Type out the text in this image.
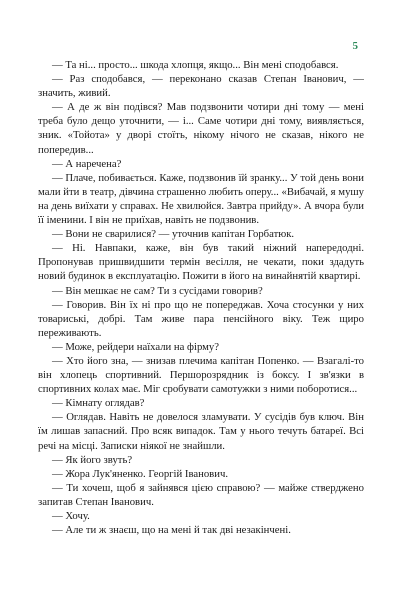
5

— Та ні... просто... шкода хлопця, якщо... Він мені сподобався.

— Раз сподобався, — переконано сказав Степан Іванович, — значить, живий.

— А де ж він подівся? Мав подзвонити чотири дні тому — мені треба було дещо уточнити, — і... Саме чотири дні тому, виявляється, зник. «Тойота» у дворі стоїть, нікому нічого не сказав, нікого не попередив...

— А наречена?

— Плаче, побивається. Каже, подзвонив їй зранку... У той день вони мали йти в театр, дівчина страшенно любить оперу... «Вибачай, я мушу на день виїхати у справах. Не хвилюйся. Завтра прийду». А вчора були її іменини. І він не приїхав, навіть не подзвонив.

— Вони не сварилися? — уточнив капітан Горбатюк.

— Ні. Навпаки, каже, він був такий ніжний напередодні. Пропонував пришвидшити термін весілля, не чекати, поки здадуть новий будинок в експлуатацію. Пожити в його на винайнятій квартирі.

— Він мешкає не сам? Ти з сусідами говорив?

— Говорив. Він їх ні про що не попереджав. Хоча стосунки у них товариські, добрі. Там живе пара пенсійного віку. Теж щиро переживають.

— Може, рейдери наїхали на фірму?

— Хто його зна, — знизав плечима капітан Попенко. — Взагалі-то він хлопець спортивний. Першорозрядник із боксу. І зв'язки в спортивних колах має. Міг сробувати самотужки з ними поборотися...

— Кімнату оглядав?

— Оглядав. Навіть не довелося зламувати. У сусідів був ключ. Він їм лишав запасний. Про всяк випадок. Там у нього течуть батареї. Всі речі на місці. Записки ніякої не знайшли.

— Як його звуть?

— Жора Лук'яненко. Георгій Іванович.

— Ти хочеш, щоб я зайнявся цією справою? — майже стверджено запитав Степан Іванович.

— Хочу.

— Але ти ж знаєш, що на мені й так дві незакінчені.
